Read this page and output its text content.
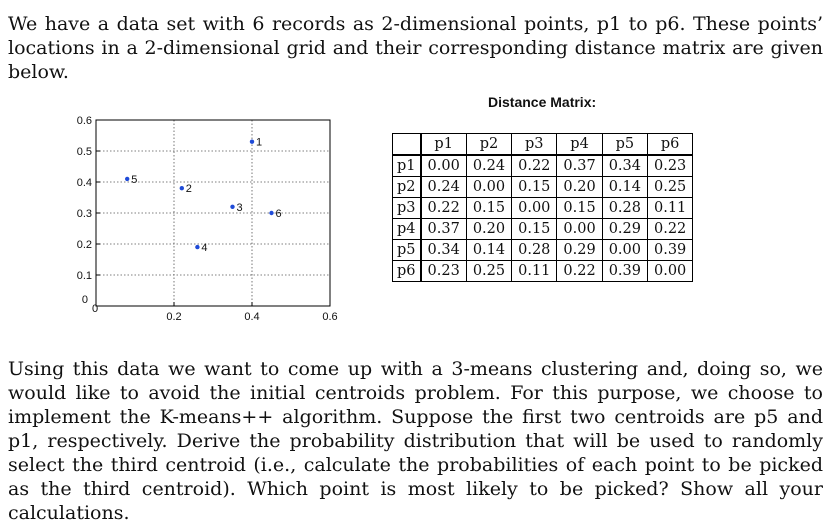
We have a data set with 6 records as 2-dimensional points, p1 to p6. These points’ locations in a 2-dimensional grid and their corresponding distance matrix are given below.

0
0.1
0.2
0.3
0.4
0.5
0.6
0
0.2	0.4	0.6
1
2
3
4
5
6
Distance Matrix:
	p1	p2	p3	p4	p5	p6
p1	0.00	0.24	0.22	0.37	0.34	0.23
p2	0.24	0.00	0.15	0.20	0.14	0.25
p3	0.22	0.15	0.00	0.15	0.28	0.11
p4	0.37	0.20	0.15	0.00	0.29	0.22
p5	0.34	0.14	0.28	0.29	0.00	0.39
p6	0.23	0.25	0.11	0.22	0.39	0.00

Using this data we want to come up with a 3-means clustering and, doing so, we would like to avoid the initial centroids problem. For this purpose, we choose to implement the K-means++ algorithm. Suppose the first two centroids are p5 and p1, respectively. Derive the probability distribution that will be used to randomly select the third centroid (i.e., calculate the probabilities of each point to be picked as the third centroid). Which point is most likely to be picked? Show all your calculations.
